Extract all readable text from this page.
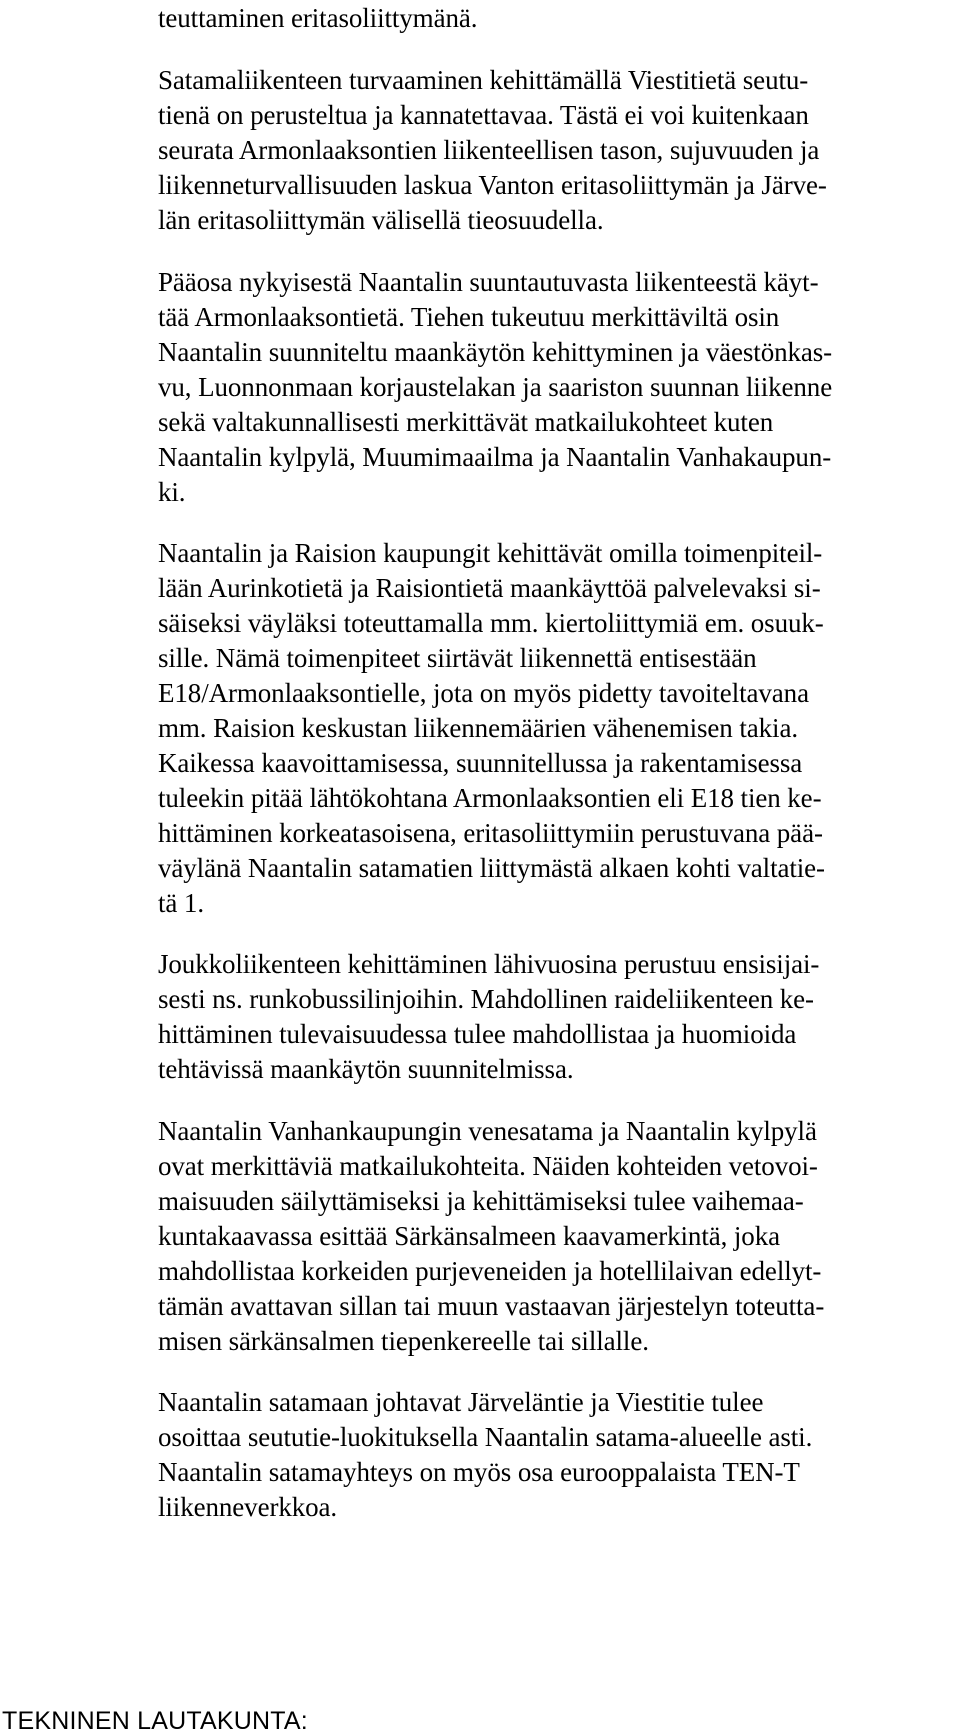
teuttaminen eritasoliittymänä.
Satamaliikenteen turvaaminen kehittämällä Viestitietä seutu-
tienä on perusteltua ja kannatettavaa. Tästä ei voi kuitenkaan
seurata Armonlaaksontien liikenteellisen tason, sujuvuuden ja
liikenneturvallisuuden laskua Vanton eritasoliittymän ja Järve-
län eritasoliittymän välisellä tieosuudella.
Pääosa nykyisestä Naantalin suuntautuvasta liikenteestä käyt-
tää Armonlaaksontietä. Tiehen tukeutuu merkittäviltä osin
Naantalin suunniteltu maankäytön kehittyminen ja väestönkas-
vu, Luonnonmaan korjaustelakan ja saariston suunnan liikenne
sekä valtakunnallisesti merkittävät matkailukohteet kuten
Naantalin kylpylä, Muumimaailma ja Naantalin Vanhakaupun-
ki.
Naantalin ja Raision kaupungit kehittävät omilla toimenpiteil-
lään Aurinkotietä ja Raisiontietä maankäyttöä palvelevaksi si-
säiseksi väyläksi toteuttamalla mm. kiertoliittymiä em. osuuk-
sille. Nämä toimenpiteet siirtävät liikennettä entisestään
E18/Armonlaaksontielle, jota on myös pidetty tavoiteltavana
mm. Raision keskustan liikennemäärien vähenemisen takia.
Kaikessa kaavoittamisessa, suunnitellussa ja rakentamisessa
tuleekin pitää lähtökohtana Armonlaaksontien eli E18 tien ke-
hittäminen korkeatasoisena, eritasoliittymiin perustuvana pää-
väylänä Naantalin satamatien liittymästä alkaen kohti valtatie-
tä 1.
Joukkoliikenteen kehittäminen lähivuosina perustuu ensisijai-
sesti ns. runkobussilinjoihin. Mahdollinen raideliikenteen ke-
hittäminen tulevaisuudessa tulee mahdollistaa ja huomioida
tehtävissä maankäytön suunnitelmissa.
Naantalin Vanhankaupungin venesatama ja Naantalin kylpylä
ovat merkittäviä matkailukohteita. Näiden kohteiden vetovoi-
maisuuden säilyttämiseksi ja kehittämiseksi tulee vaihemaa-
kuntakaavassa esittää Särkänsalmeen kaavamerkintä, joka
mahdollistaa korkeiden purjeveneiden ja hotellilaivan edellyt-
tämän avattavan sillan tai muun vastaavan järjestelyn toteutta-
misen särkänsalmen tiepenkereelle tai sillalle.
Naantalin satamaan johtavat Järveläntie ja Viestitie tulee
osoittaa seututie-luokituksella Naantalin satama-alueelle asti.
Naantalin satamayhteys on myös osa eurooppalaista TEN-T
liikenneverkkoa.
TEKNINEN LAUTAKUNTA:
